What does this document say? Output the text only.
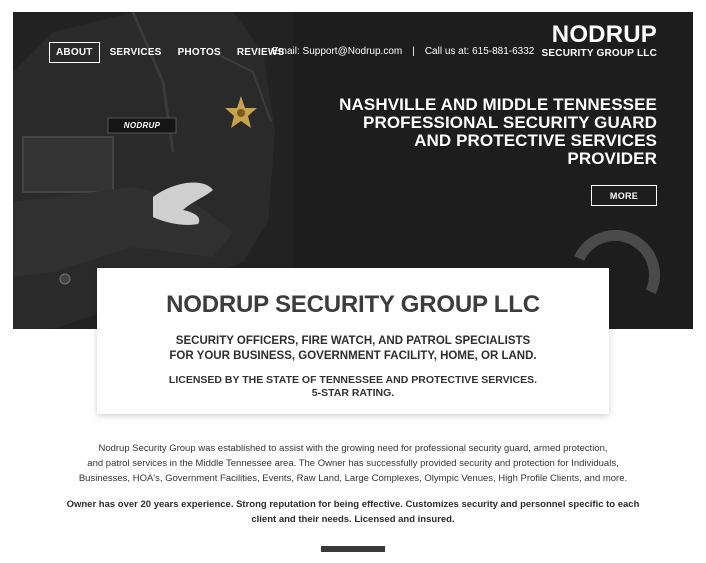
NODRUP
ABOUT	SERVICES	PHOTOS	REVIEWS
Email: Support@Nodrup.com | Call us at: 615-881-6332
NODRUP
SECURITY GROUP LLC
NASHVILLE AND MIDDLE TENNESSEE
PROFESSIONAL SECURITY GUARD
AND PROTECTIVE SERVICES
PROVIDER
MORE
NODRUP SECURITY GROUP LLC
SECURITY OFFICERS, FIRE WATCH, AND PATROL SPECIALISTS
FOR YOUR BUSINESS, GOVERNMENT FACILITY, HOME, OR LAND.
LICENSED BY THE STATE OF TENNESSEE AND PROTECTIVE SERVICES.
5-STAR RATING.
Nodrup Security Group was established to assist with the growing need for professional security guard, armed protection,
and patrol services in the Middle Tennessee area. The Owner has successfully provided security and protection for Individuals,
Businesses, HOA's, Government Facilities, Events, Raw Land, Large Complexes, Olympic Venues, High Profile Clients, and more.
Owner has over 20 years experience. Strong reputation for being effective. Customizes security and personnel specific to each
client and their needs. Licensed and insured.
